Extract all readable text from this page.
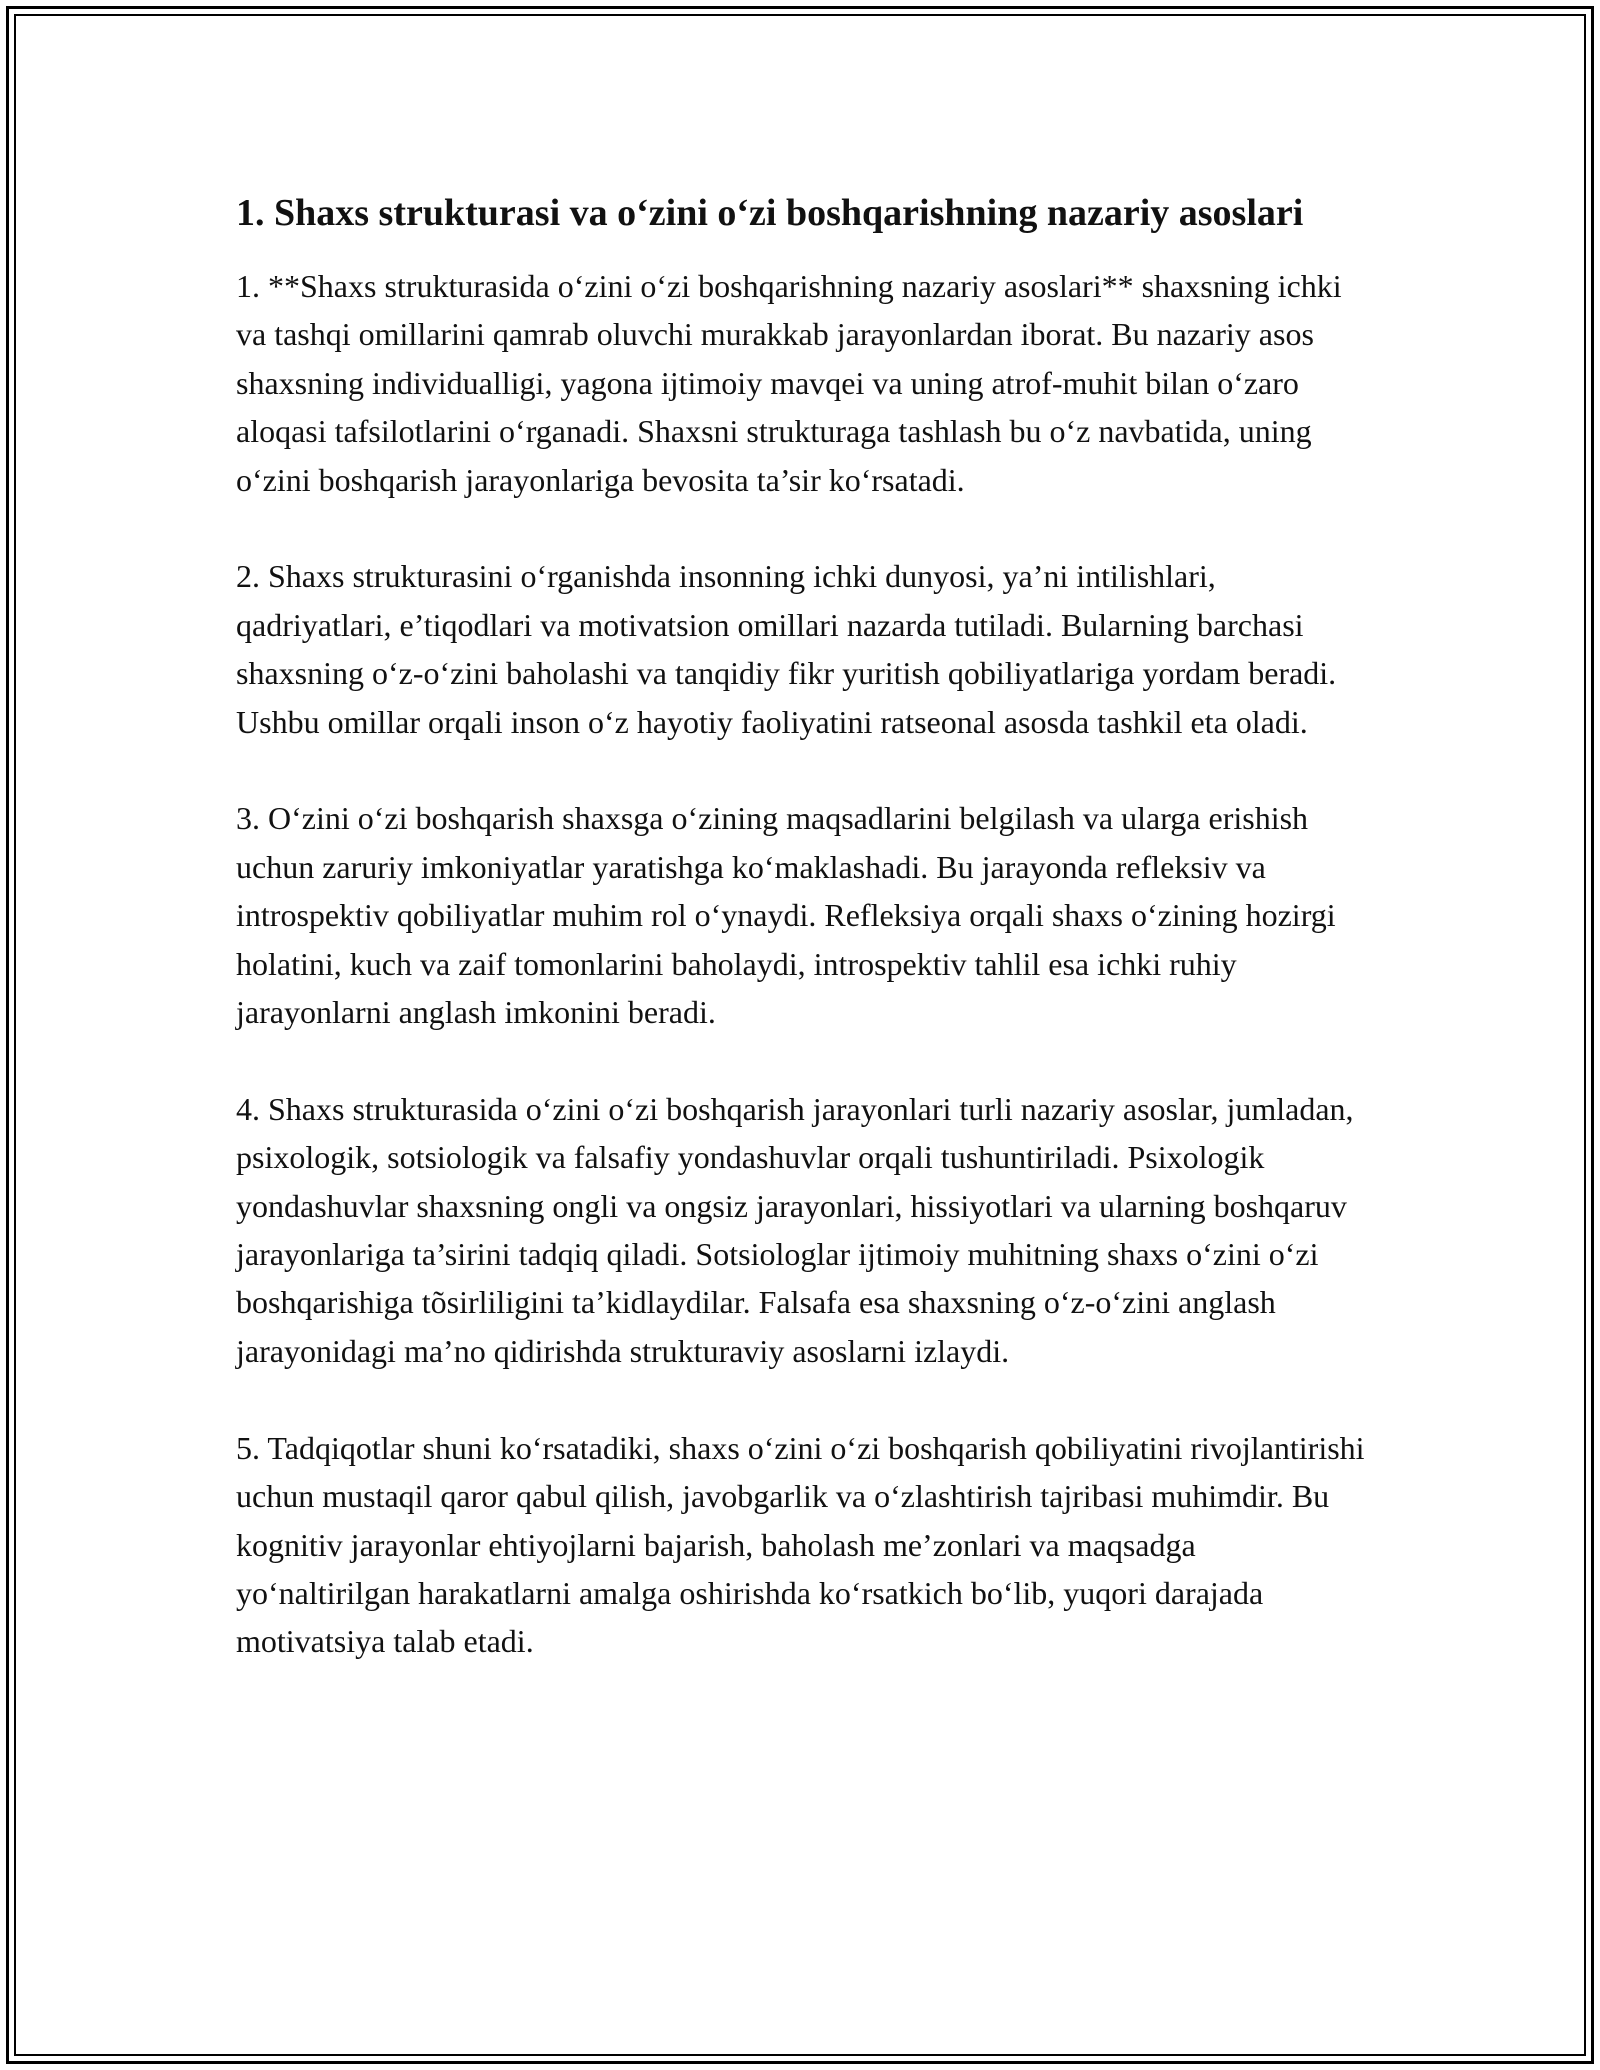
1. Shaxs strukturasi va o‘zini o‘zi boshqarishning nazariy asoslari

1. **Shaxs strukturasida o‘zini o‘zi boshqarishning nazariy asoslari** shaxsning ichki va tashqi omillarini qamrab oluvchi murakkab jarayonlardan iborat. Bu nazariy asos shaxsning individualligi, yagona ijtimoiy mavqei va uning atrof-muhit bilan o‘zaro aloqasi tafsilotlarini o‘rganadi. Shaxsni strukturaga tashlash bu o‘z navbatida, uning o‘zini boshqarish jarayonlariga bevosita ta’sir ko‘rsatadi.

2. Shaxs strukturasini o‘rganishda insonning ichki dunyosi, ya’ni intilishlari, qadriyatlari, e’tiqodlari va motivatsion omillari nazarda tutiladi. Bularning barchasi shaxsning o‘z-o‘zini baholashi va tanqidiy fikr yuritish qobiliyatlariga yordam beradi. Ushbu omillar orqali inson o‘z hayotiy faoliyatini ratseonal asosda tashkil eta oladi.

3. O‘zini o‘zi boshqarish shaxsga o‘zining maqsadlarini belgilash va ularga erishish uchun zaruriy imkoniyatlar yaratishga ko‘maklashadi. Bu jarayonda refleksiv va introspektiv qobiliyatlar muhim rol o‘ynaydi. Refleksiya orqali shaxs o‘zining hozirgi holatini, kuch va zaif tomonlarini baholaydi, introspektiv tahlil esa ichki ruhiy jarayonlarni anglash imkonini beradi.

4. Shaxs strukturasida o‘zini o‘zi boshqarish jarayonlari turli nazariy asoslar, jumladan, psixologik, sotsiologik va falsafiy yondashuvlar orqali tushuntiriladi. Psixologik yondashuvlar shaxsning ongli va ongsiz jarayonlari, hissiyotlari va ularning boshqaruv jarayonlariga ta’sirini tadqiq qiladi. Sotsiologlar ijtimoiy muhitning shaxs o‘zini o‘zi boshqarishiga tõsirliligini ta’kidlaydilar. Falsafa esa shaxsning o‘z-o‘zini anglash jarayonidagi ma’no qidirishda strukturaviy asoslarni izlaydi.

5. Tadqiqotlar shuni ko‘rsatadiki, shaxs o‘zini o‘zi boshqarish qobiliyatini rivojlantirishi uchun mustaqil qaror qabul qilish, javobgarlik va o‘zlashtirish tajribasi muhimdir. Bu kognitiv jarayonlar ehtiyojlarni bajarish, baholash me’zonlari va maqsadga yo‘naltirilgan harakatlarni amalga oshirishda ko‘rsatkich bo‘lib, yuqori darajada motivatsiya talab etadi.
